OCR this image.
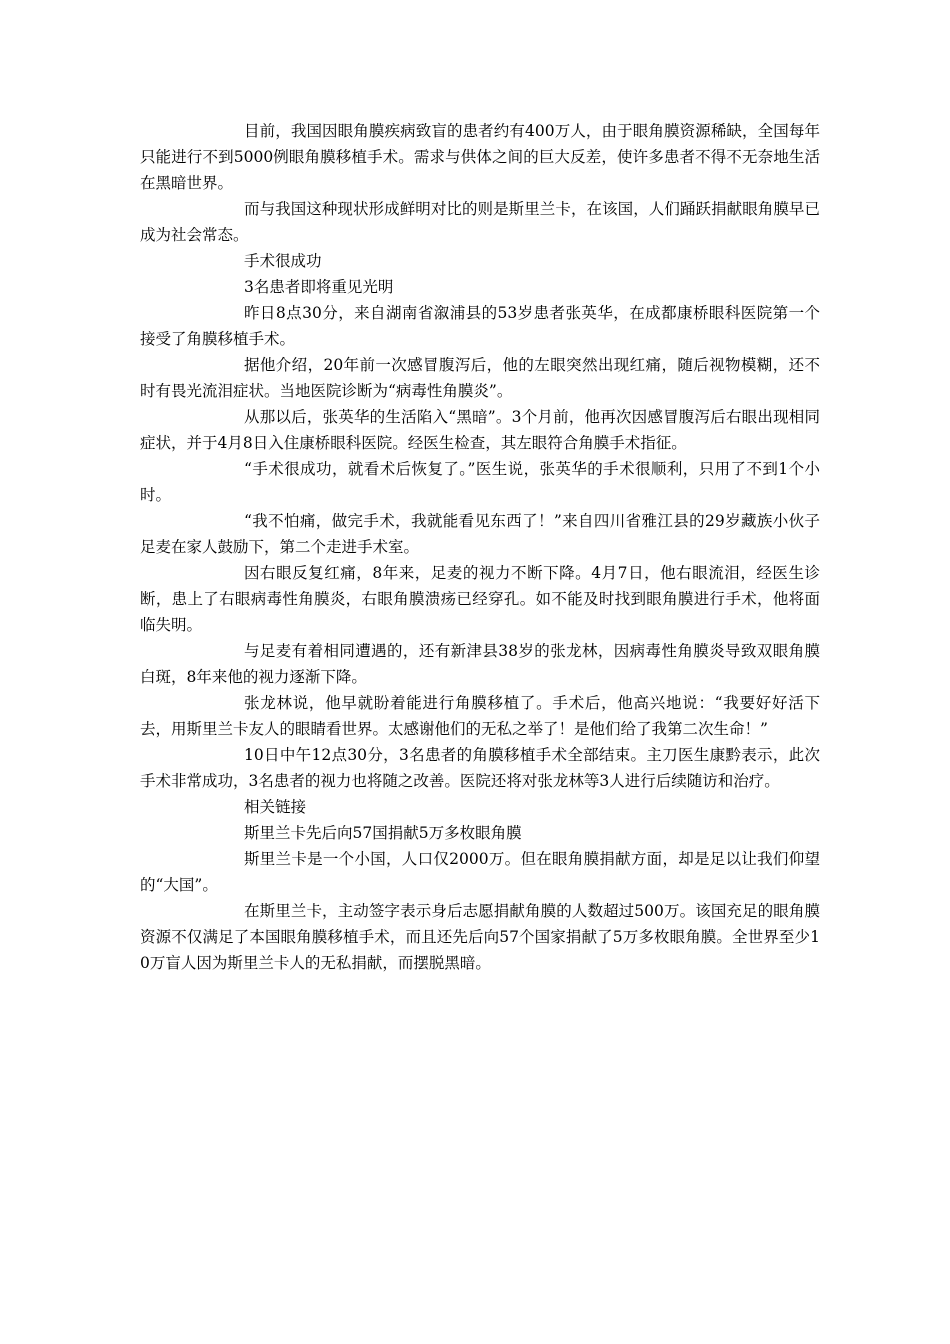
目前，我国因眼角膜疾病致盲的患者约有400万人，由于眼角膜资源稀缺，全国每年只能进行不到5000例眼角膜移植手术。需求与供体之间的巨大反差，使许多患者不得不无奈地生活在黑暗世界。

而与我国这种现状形成鲜明对比的则是斯里兰卡，在该国，人们踊跃捐献眼角膜早已成为社会常态。

手术很成功

3名患者即将重见光明

昨日8点30分，来自湖南省溆浦县的53岁患者张英华，在成都康桥眼科医院第一个接受了角膜移植手术。

据他介绍，20年前一次感冒腹泻后，他的左眼突然出现红痛，随后视物模糊，还不时有畏光流泪症状。当地医院诊断为“病毒性角膜炎”。

从那以后，张英华的生活陷入“黑暗”。3个月前，他再次因感冒腹泻后右眼出现相同症状，并于4月8日入住康桥眼科医院。经医生检查，其左眼符合角膜手术指征。

“手术很成功，就看术后恢复了。”医生说，张英华的手术很顺利，只用了不到1个小时。

“我不怕痛，做完手术，我就能看见东西了！”来自四川省雅江县的29岁藏族小伙子足麦在家人鼓励下，第二个走进手术室。

因右眼反复红痛，8年来，足麦的视力不断下降。4月7日，他右眼流泪，经医生诊断，患上了右眼病毒性角膜炎，右眼角膜溃疡已经穿孔。如不能及时找到眼角膜进行手术，他将面临失明。

与足麦有着相同遭遇的，还有新津县38岁的张龙林，因病毒性角膜炎导致双眼角膜白斑，8年来他的视力逐渐下降。

张龙林说，他早就盼着能进行角膜移植了。手术后，他高兴地说：“我要好好活下去，用斯里兰卡友人的眼睛看世界。太感谢他们的无私之举了！是他们给了我第二次生命！”

10日中午12点30分，3名患者的角膜移植手术全部结束。主刀医生康黔表示，此次手术非常成功，3名患者的视力也将随之改善。医院还将对张龙林等3人进行后续随访和治疗。

相关链接

斯里兰卡先后向57国捐献5万多枚眼角膜

斯里兰卡是一个小国，人口仅2000万。但在眼角膜捐献方面，却是足以让我们仰望的“大国”。

在斯里兰卡，主动签字表示身后志愿捐献角膜的人数超过500万。该国充足的眼角膜资源不仅满足了本国眼角膜移植手术，而且还先后向57个国家捐献了5万多枚眼角膜。全世界至少10万盲人因为斯里兰卡人的无私捐献，而摆脱黑暗。
